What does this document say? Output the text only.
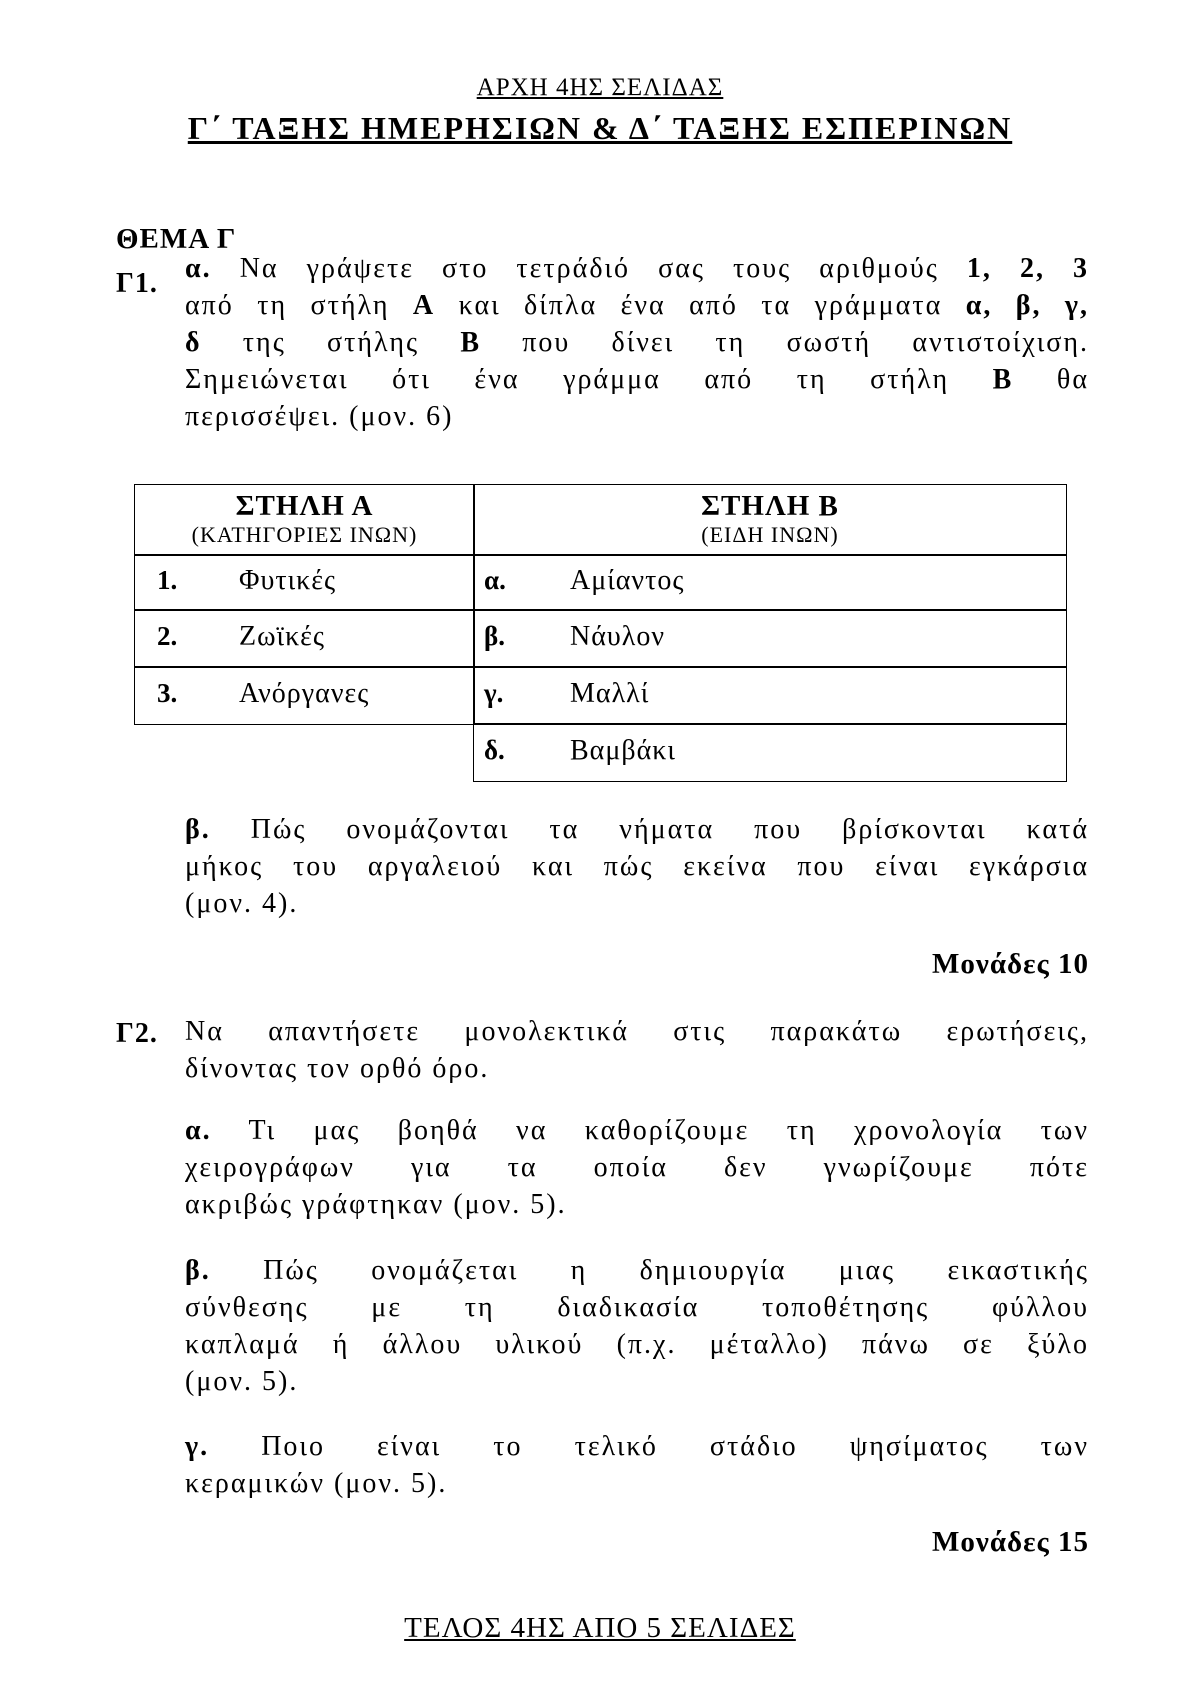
ΑΡΧΗ 4ΗΣ ΣΕΛΙΔΑΣ
Γ΄ ΤΑΞΗΣ ΗΜΕΡΗΣΙΩΝ & Δ΄ ΤΑΞΗΣ ΕΣΠΕΡΙΝΩΝ
ΘΕΜΑ Γ
Γ1. α. Να γράψετε στο τετράδιό σας τους αριθμούς 1, 2, 3
από τη στήλη Α και δίπλα ένα από τα γράμματα α, β, γ,
δ της στήλης Β που δίνει τη σωστή αντιστοίχιση.
Σημειώνεται ότι ένα γράμμα από τη στήλη Β θα
περισσέψει. (μον. 6)
ΣΤΗΛΗ Α
(ΚΑΤΗΓΟΡΙΕΣ ΙΝΩΝ)
ΣΤΗΛΗ Β
(ΕΙΔΗ ΙΝΩΝ)
1. Φυτικές
2. Ζωϊκές
3. Ανόργανες
α. Αμίαντος
β. Νάυλον
γ. Μαλλί
δ. Βαμβάκι
β. Πώς ονομάζονται τα νήματα που βρίσκονται κατά
μήκος του αργαλειού και πώς εκείνα που είναι εγκάρσια
(μον. 4).
Μονάδες 10
Γ2. Να απαντήσετε μονολεκτικά στις παρακάτω ερωτήσεις,
δίνοντας τον ορθό όρο.
α. Τι μας βοηθά να καθορίζουμε τη χρονολογία των
χειρογράφων για τα οποία δεν γνωρίζουμε πότε
ακριβώς γράφτηκαν (μον. 5).
β. Πώς ονομάζεται η δημιουργία μιας εικαστικής
σύνθεσης με τη διαδικασία τοποθέτησης φύλλου
καπλαμά ή άλλου υλικού (π.χ. μέταλλο) πάνω σε ξύλο
(μον. 5).
γ. Ποιο είναι το τελικό στάδιο ψησίματος των
κεραμικών (μον. 5).
Μονάδες 15
ΤΕΛΟΣ 4ΗΣ ΑΠΟ 5 ΣΕΛΙΔΕΣ
